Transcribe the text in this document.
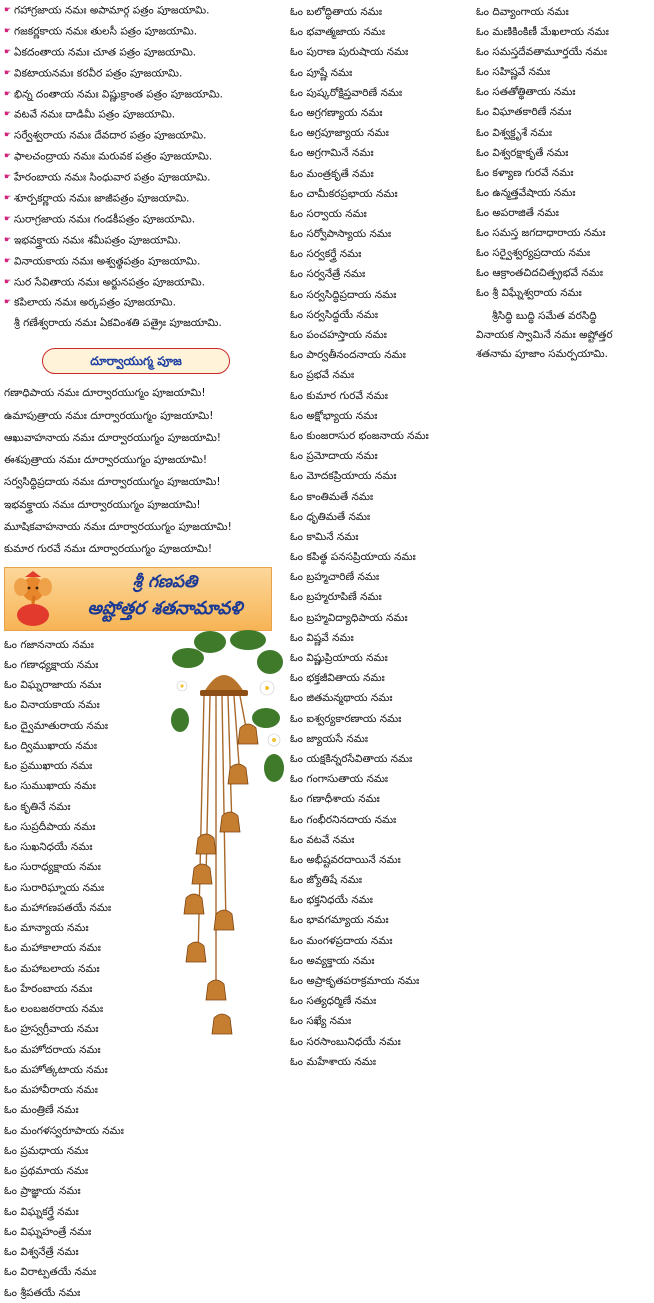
☛ గహాగ్రజాయ నమః అపామార్గ పత్రం పూజయామి.
☛ గజకర్ణకాయ నమః తులసీ పత్రం పూజయామి.
☛ ఏకదంతాయ నమః చూత పత్రం పూజయామి.
☛ వికటాయనమః కరవీర పత్రం పూజయామి.
☛ భిన్న దంతాయ నమః విష్ణుక్రాంత పత్రం పూజయామి.
☛ వటవే నమః దాడిమీ పత్రం పూజయామి.
☛ సర్వేశ్వరాయ నమః దేవదార పత్రం పూజయామి.
☛ ఫాలచంద్రాయ నమః మరువక పత్రం పూజయామి.
☛ హేరంబాయ నమః సింధువార పత్రం పూజయామి.
☛ శూర్పకర్ణాయ నమః జాజీపత్రం పూజయామి.
☛ సురాగ్రజాయ నమః గండకీపత్రం పూజయామి.
☛ ఇభవక్త్రాయ నమః శమీపత్రం పూజయామి.
☛ వినాయకాయ నమః అశ్వత్థపత్రం పూజయామి.
☛ సుర సేవితాయ నమః అర్జునపత్రం పూజయామి.
☛ కపిలాయ నమః అర్కపత్రం పూజయామి.
శ్రీ గణేశ్వరాయ నమః ఏకవింశతి పత్రైః పూజయామి.
దూర్వాయుగ్మ పూజ
గణాధిపాయ నమః దూర్వారయుగ్మం పూజయామి!
ఉమాపుత్రాయ నమః దూర్వారయుగ్మం పూజయామి!
ఆఖువాహనాయ నమః దూర్వారయుగ్మం పూజయామి!
ఈశపుత్రాయ నమః దూర్వారయుగ్మం పూజయామి!
సర్వసిద్ధిప్రదాయ నమః దూర్వారయుగ్మం పూజయామి!
ఇభవక్త్రాయ నమః దూర్వారయుగ్మం పూజయామి!
మూషికవాహనాయ నమః దూర్వారయుగ్మం పూజయామి!
కుమార గురవే నమః దూర్వారయుగ్మం పూజయామి!
శ్రీ గణపతి
అష్టోత్తర శతనామావళి
ఓం గజాననాయ నమః
ఓం గణాధ్యక్షాయ నమః
ఓం విఘ్నరాజాయ నమః
ఓం వినాయకాయ నమః
ఓం ద్వైమాతురాయ నమః
ఓం ద్విముఖాయ నమః
ఓం ప్రముఖాయ నమః
ఓం సుముఖాయ నమః
ఓం కృతినే నమః
ఓం సుప్రదీపాయ నమః
ఓం సుఖనిధయే నమః
ఓం సురాధ్యక్షాయ నమః
ఓం సురారిఘ్నాయ నమః
ఓం మహాగణపతయే నమః
ఓం మాన్యాయ నమః
ఓం మహాకాలాయ నమః
ఓం మహాబలాయ నమః
ఓం హేరంబాయ నమః
ఓం లంబజఠరాయ నమః
ఓం హ్రస్వగ్రీవాయ నమః
ఓం మహోదరాయ నమః
ఓం మహోత్కటాయ నమః
ఓం మహావీరాయ నమః
ఓం మంత్రిణే నమః
ఓం మంగళస్వరూపాయ నమః
ఓం ప్రమధాయ నమః
ఓం ప్రథమాయ నమః
ఓం ప్రాజ్ఞాయ నమః
ఓం విఘ్నకర్త్రే నమః
ఓం విఘ్నహంత్రే నమః
ఓం విశ్వనేత్రే నమః
ఓం విరాట్పతయే నమః
ఓం శ్రీపతయే నమః
ఓం బలోద్ధితాయ నమః
ఓం భవాత్మజాయ నమః
ఓం పురాణ పురుషాయ నమః
ఓం పూష్ణే నమః
ఓం పుష్కరోక్షిప్తవారిణే నమః
ఓం అగ్రగణ్యాయ నమః
ఓం అగ్రపూజ్యాయ నమః
ఓం అగ్రగామినే నమః
ఓం మంత్రకృతే నమః
ఓం చామీకరప్రభాయ నమః
ఓం సర్వాయ నమః
ఓం సర్వోపాస్యాయ నమః
ఓం సర్వకర్త్రే నమః
ఓం సర్వనేత్రే నమః
ఓం సర్వసిద్ధిప్రదాయ నమః
ఓం సర్వసిద్ధయే నమః
ఓం పంచహస్తాయ నమః
ఓం పార్వతీనందనాయ నమః
ఓం ప్రభవే నమః
ఓం కుమార గురవే నమః
ఓం అక్షోభ్యాయ నమః
ఓం కుంజరాసుర భంజనాయ నమః
ఓం ప్రమోదాయ నమః
ఓం మోదకప్రియాయ నమః
ఓం కాంతిమతే నమః
ఓం ధృతిమతే నమః
ఓం కామినే నమః
ఓం కపిత్థ పనసప్రియాయ నమః
ఓం బ్రహ్మచారిణే నమః
ఓం బ్రహ్మరూపిణే నమః
ఓం బ్రహ్మవిద్యాధిపాయ నమః
ఓం విష్ణవే నమః
ఓం విష్ణుప్రియాయ నమః
ఓం భక్తజీవితాయ నమః
ఓం జితమన్మథాయ నమః
ఓం ఐశ్వర్యకారణాయ నమః
ఓం జ్యాయసే నమః
ఓం యక్షకిన్నరసేవితాయ నమః
ఓం గంగాసుతాయ నమః
ఓం గణాధీశాయ నమః
ఓం గంభీరనినదాయ నమః
ఓం వటవే నమః
ఓం అభీష్టవరదాయినే నమః
ఓం జ్యోతిషే నమః
ఓం భక్తనిధయే నమః
ఓం భావగమ్యాయ నమః
ఓం మంగళప్రదాయ నమః
ఓం అవ్యక్తాయ నమః
ఓం అప్రాకృతపరాక్రమాయ నమః
ఓం సత్యధర్మిణే నమః
ఓం సఖ్యే నమః
ఓం సరసాంబునిధయే నమః
ఓం మహేశాయ నమః
ఓం దివ్యాంగాయ నమః
ఓం మణికింకిణీ మేఖలాయ నమః
ఓం సమస్తదేవతామూర్తయే నమః
ఓం సహిష్ణవే నమః
ఓం సతతోత్థితాయ నమః
ఓం విఘాతకారిణే నమః
ఓం విశ్వక్దృశే నమః
ఓం విశ్వరక్షాకృతే నమః
ఓం కళ్యాణ గురవే నమః
ఓం ఉన్మత్తవేషాయ నమః
ఓం అపరాజితే నమః
ఓం సమస్త జగదాధారాయ నమః
ఓం సర్వైశ్వర్యప్రదాయ నమః
ఓం ఆక్రాంతచిదచిత్ప్రభవే నమః
ఓం శ్రీ విఘ్నేశ్వరాయ నమః
శ్రీసిద్ధి బుద్ధి సమేత వరసిద్ధి
వినాయక స్వామినే నమః అష్టోత్తర
శతనామ పూజాం సమర్పయామి.
